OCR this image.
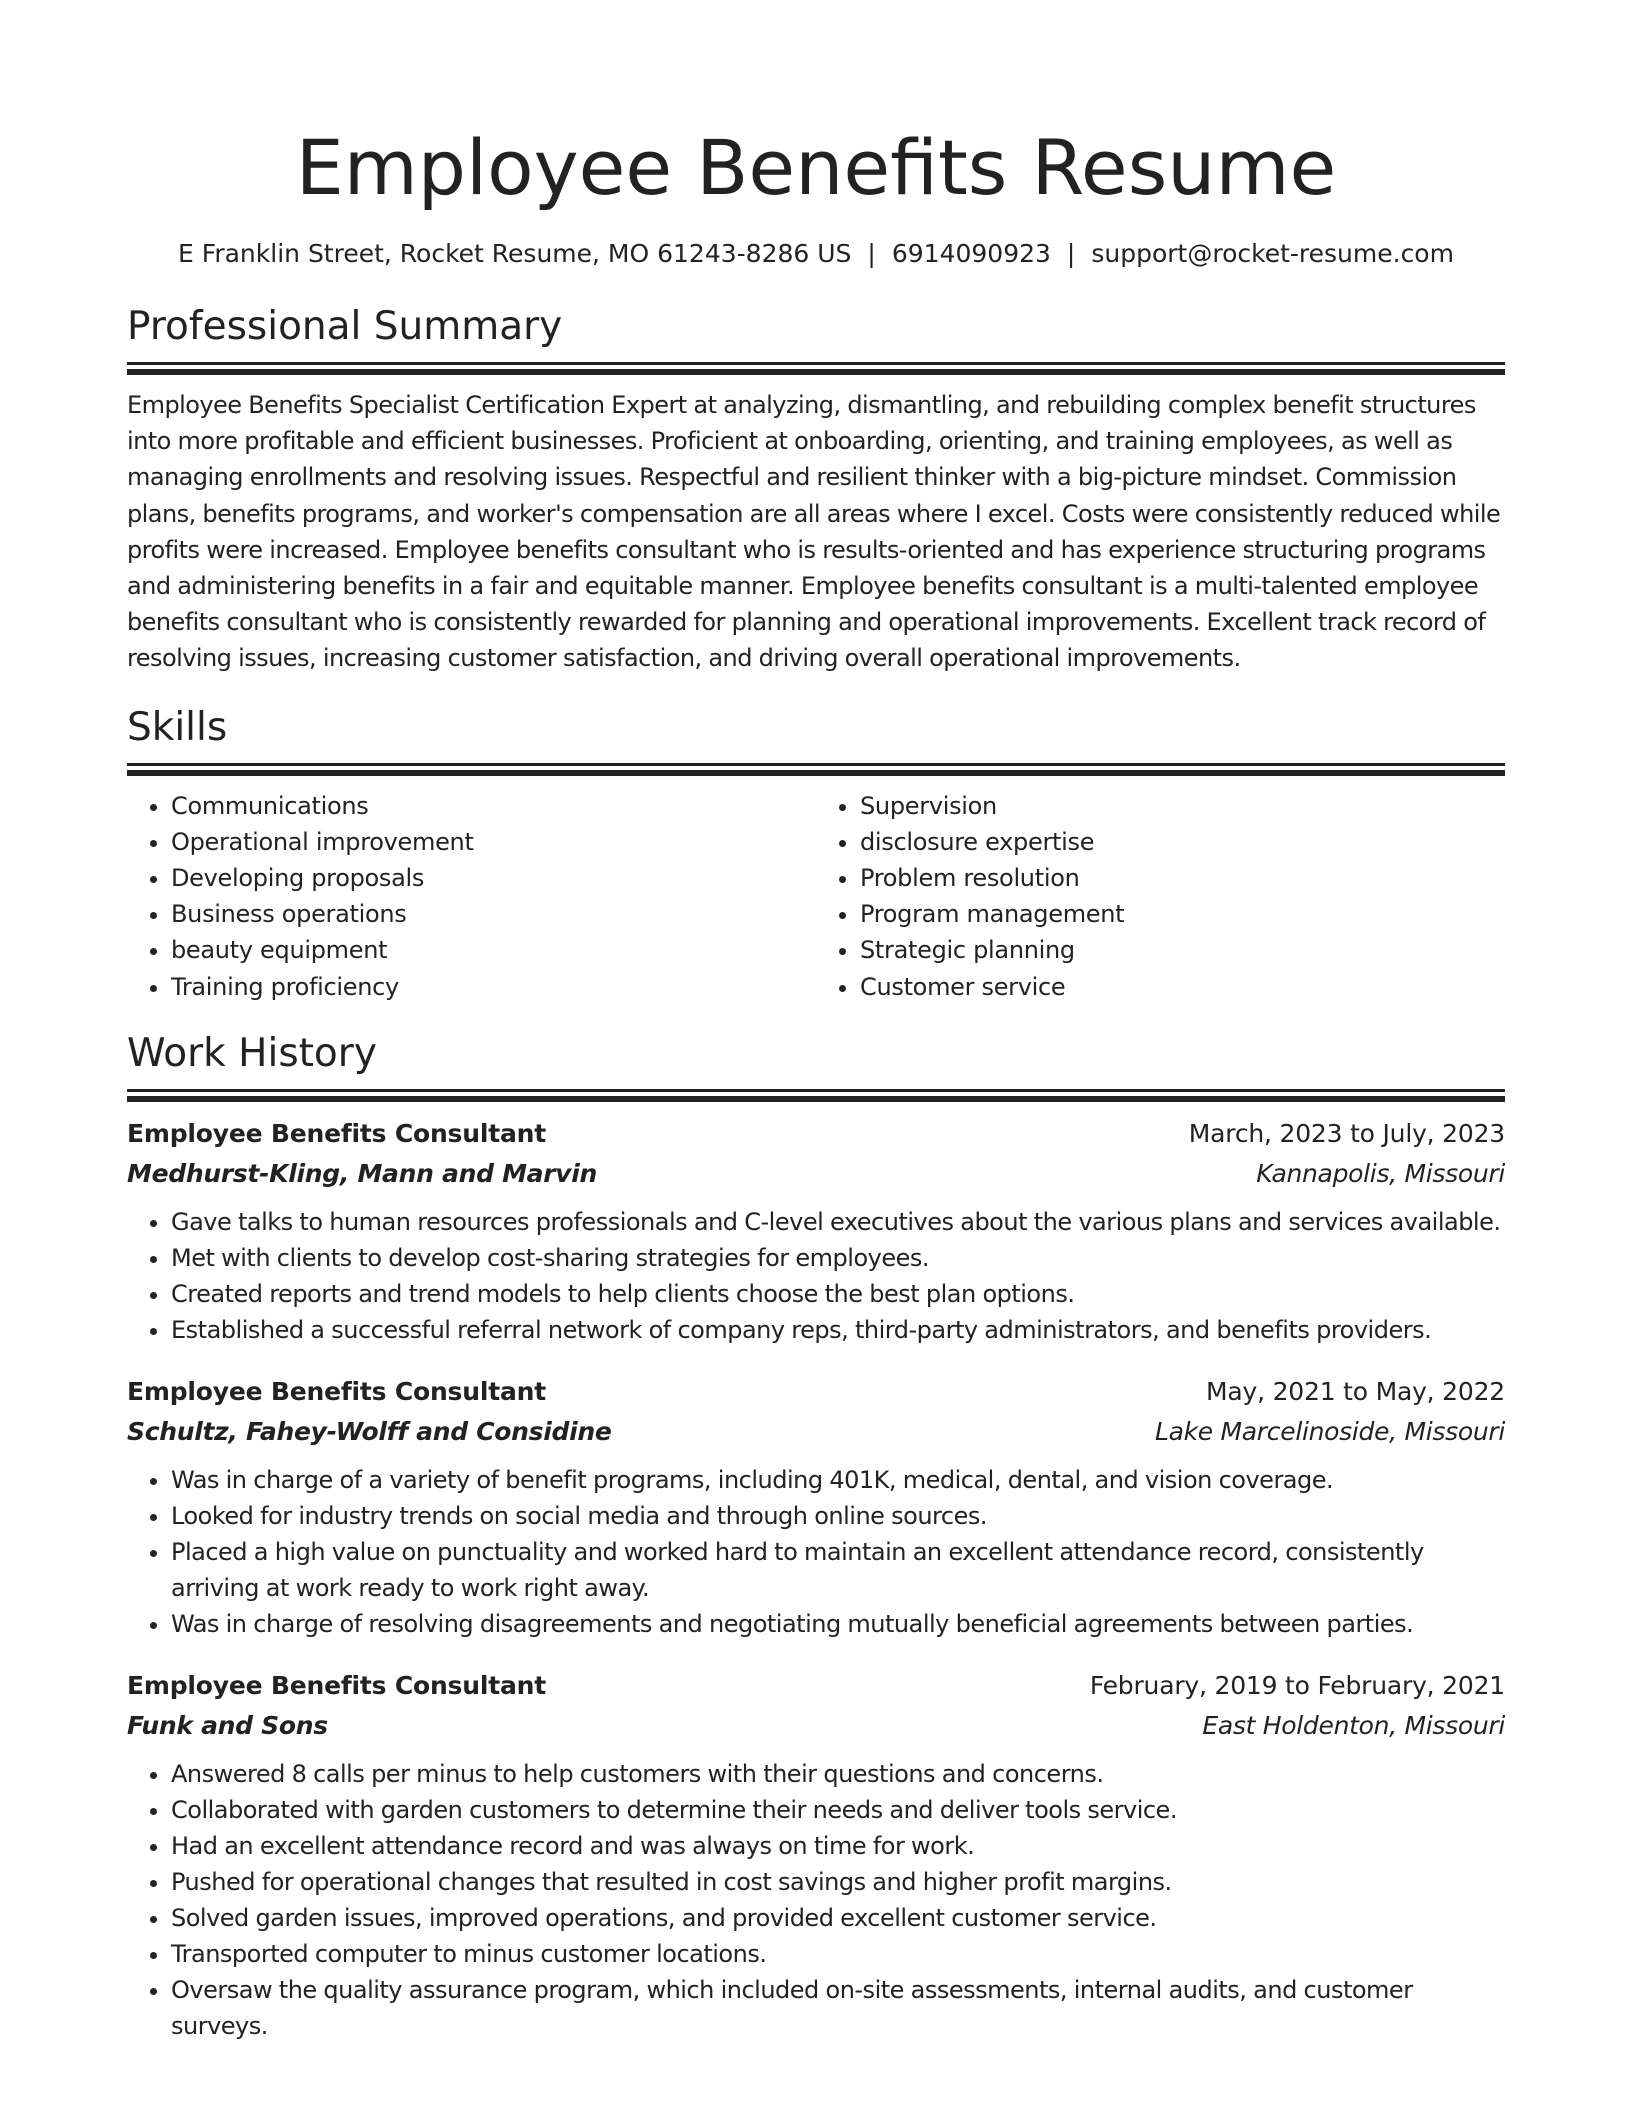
Employee Benefits Resume
E Franklin Street, Rocket Resume, MO 61243-8286 US | 6914090923 | support@rocket-resume.com
Professional Summary

Employee Benefits Specialist Certification Expert at analyzing, dismantling, and rebuilding complex benefit structures into more profitable and efficient businesses. Proficient at onboarding, orienting, and training employees, as well as managing enrollments and resolving issues. Respectful and resilient thinker with a big-picture mindset. Commission plans, benefits programs, and worker's compensation are all areas where I excel. Costs were consistently reduced while profits were increased. Employee benefits consultant who is results-oriented and has experience structuring programs and administering benefits in a fair and equitable manner. Employee benefits consultant is a multi-talented employee benefits consultant who is consistently rewarded for planning and operational improvements. Excellent track record of resolving issues, increasing customer satisfaction, and driving overall operational improvements.

Skills
• Communications
• Operational improvement
• Developing proposals
• Business operations
• beauty equipment
• Training proficiency
• Supervision
• disclosure expertise
• Problem resolution
• Program management
• Strategic planning
• Customer service
Work History
Employee Benefits Consultant	March, 2023 to July, 2023
Medhurst-Kling, Mann and Marvin	Kannapolis, Missouri
• Gave talks to human resources professionals and C-level executives about the various plans and services available.
• Met with clients to develop cost-sharing strategies for employees.
• Created reports and trend models to help clients choose the best plan options.
• Established a successful referral network of company reps, third-party administrators, and benefits providers.
Employee Benefits Consultant	May, 2021 to May, 2022
Schultz, Fahey-Wolff and Considine	Lake Marcelinoside, Missouri
• Was in charge of a variety of benefit programs, including 401K, medical, dental, and vision coverage.
• Looked for industry trends on social media and through online sources.
• Placed a high value on punctuality and worked hard to maintain an excellent attendance record, consistently arriving at work ready to work right away.
• Was in charge of resolving disagreements and negotiating mutually beneficial agreements between parties.
Employee Benefits Consultant	February, 2019 to February, 2021
Funk and Sons	East Holdenton, Missouri
• Answered 8 calls per minus to help customers with their questions and concerns.
• Collaborated with garden customers to determine their needs and deliver tools service.
• Had an excellent attendance record and was always on time for work.
• Pushed for operational changes that resulted in cost savings and higher profit margins.
• Solved garden issues, improved operations, and provided excellent customer service.
• Transported computer to minus customer locations.
• Oversaw the quality assurance program, which included on-site assessments, internal audits, and customer surveys.
